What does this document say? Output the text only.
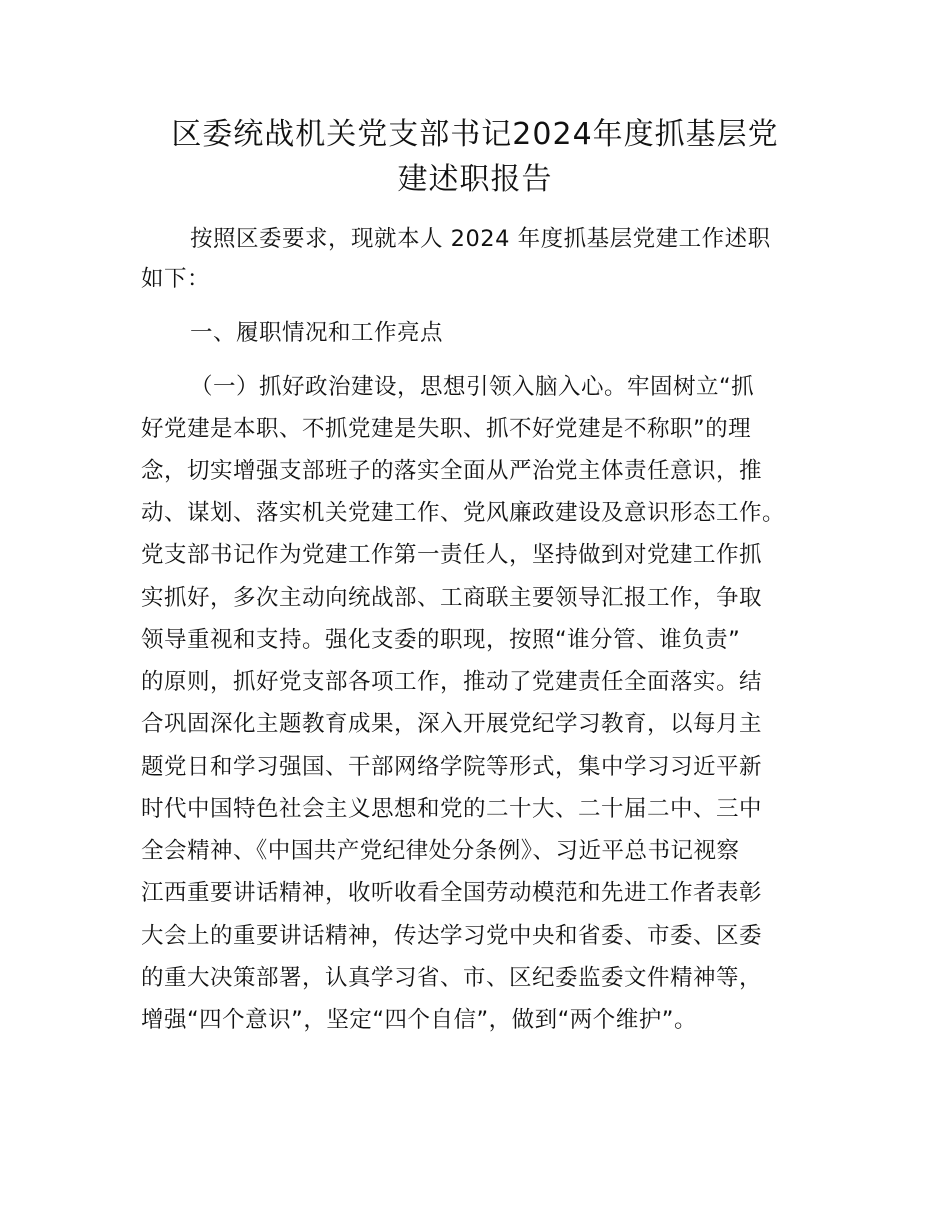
区委统战机关党支部书记2024年度抓基层党
建述职报告

按照区委要求，现就本人 2024 年度抓基层党建工作述职

如下：

一、履职情况和工作亮点

（一）抓好政治建设，思想引领入脑入心。牢固树立“抓

好党建是本职、不抓党建是失职、抓不好党建是不称职”的理

念，切实增强支部班子的落实全面从严治党主体责任意识，推

动、谋划、落实机关党建工作、党风廉政建设及意识形态工作。

党支部书记作为党建工作第一责任人，坚持做到对党建工作抓

实抓好，多次主动向统战部、工商联主要领导汇报工作，争取

领导重视和支持。强化支委的职现，按照“谁分管、谁负责”

的原则，抓好党支部各项工作，推动了党建责任全面落实。结

合巩固深化主题教育成果，深入开展党纪学习教育，以每月主

题党日和学习强国、干部网络学院等形式，集中学习习近平新

时代中国特色社会主义思想和党的二十大、二十届二中、三中

全会精神、《中国共产党纪律处分条例》、习近平总书记视察

江西重要讲话精神，收听收看全国劳动模范和先进工作者表彰

大会上的重要讲话精神，传达学习党中央和省委、市委、区委

的重大决策部署，认真学习省、市、区纪委监委文件精神等，

增强“四个意识”，坚定“四个自信”，做到“两个维护”。
